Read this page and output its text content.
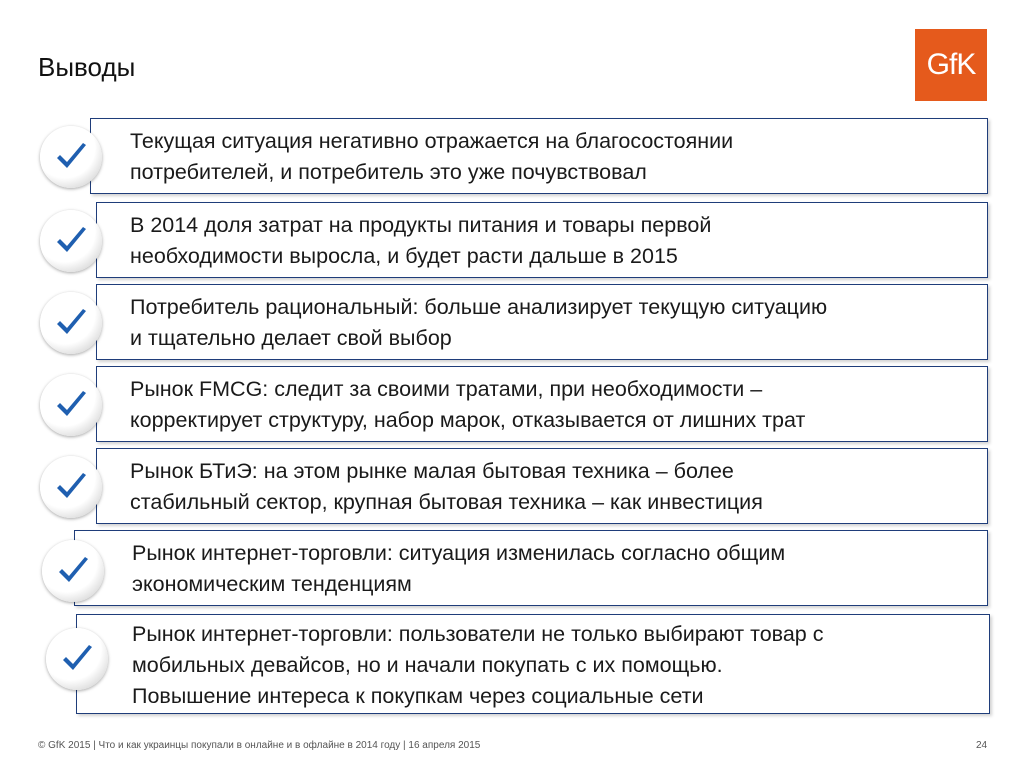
Выводы	GfK
Текущая ситуация негативно отражается на благосостоянии
потребителей, и потребитель это уже почувствовал
В 2014 доля затрат на продукты питания и товары первой
необходимости выросла, и будет расти дальше в 2015
Потребитель рациональный: больше анализирует текущую ситуацию
и тщательно делает свой выбор
Рынок FMCG: следит за своими тратами, при необходимости –
корректирует структуру, набор марок, отказывается от лишних трат
Рынок БТиЭ: на этом рынке малая бытовая техника – более
стабильный сектор, крупная бытовая техника – как инвестиция
Рынок интернет-торговли: ситуация изменилась согласно общим
экономическим тенденциям
Рынок интернет-торговли: пользователи не только выбирают товар с
мобильных девайсов, но и начали покупать с их помощью.
Повышение интереса к покупкам через социальные сети
© GfK 2015 | Что и как украинцы покупали в онлайне и в офлайне в 2014 году | 16 апреля 2015	24
